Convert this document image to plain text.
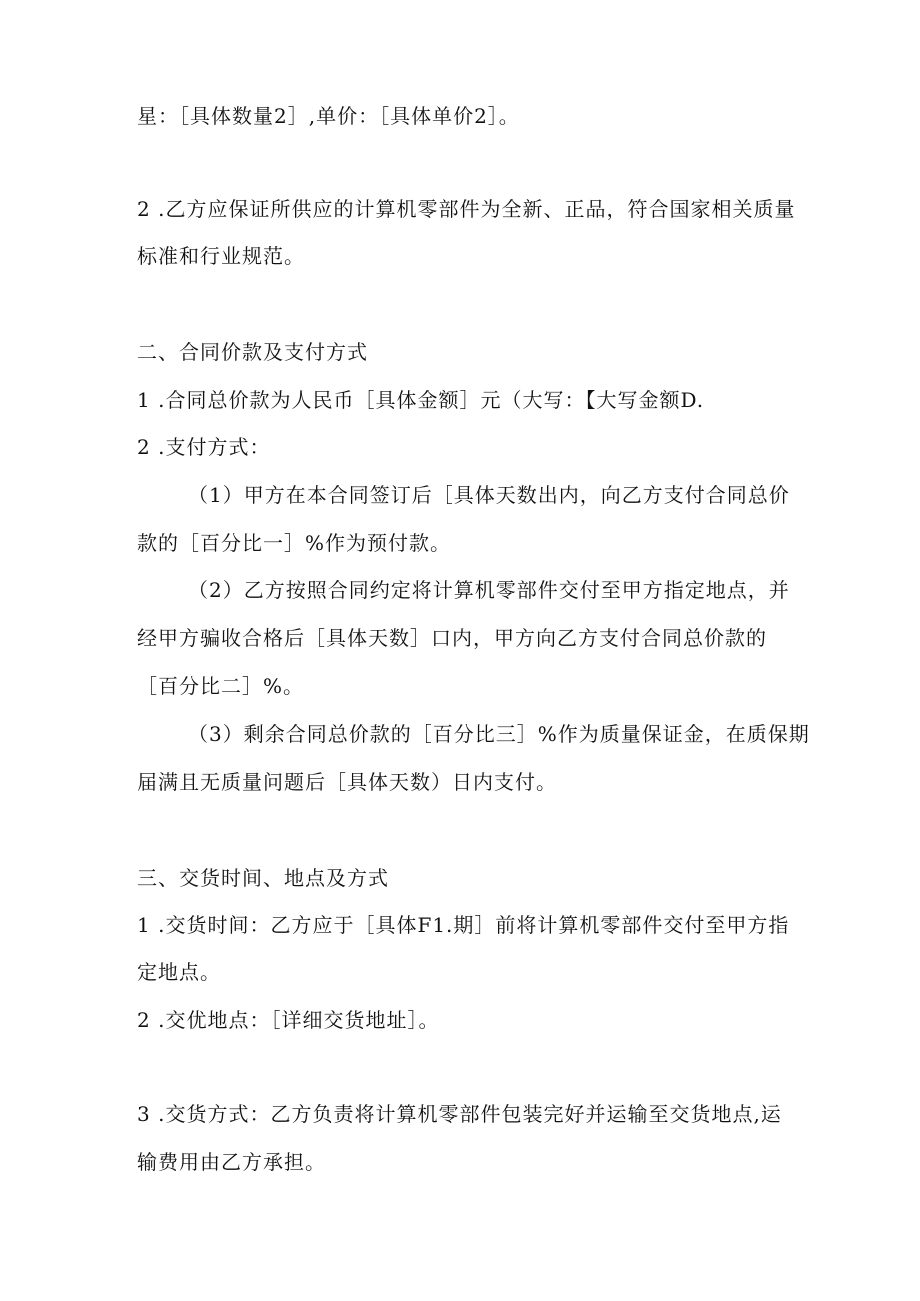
星：［具体数量2］,单价：［具体单价2］。
2 .乙方应保证所供应的计算机零部件为全新、正品，符合国家相关质量
标准和行业规范。
二、合同价款及支付方式
1 .合同总价款为人民币［具体金额］元（大写：【大写金额D.
2 .支付方式：
（1）甲方在本合同签订后［具体天数出内，向乙方支付合同总价
款的［百分比一］%作为预付款。
（2）乙方按照合同约定将计算机零部件交付至甲方指定地点，并
经甲方骗收合格后［具体天数］口内，甲方向乙方支付合同总价款的
［百分比二］%。
（3）剩余合同总价款的［百分比三］%作为质量保证金，在质保期
届满且无质量问题后［具体天数）日内支付。
三、交货时间、地点及方式
1 .交货时间：乙方应于［具体F1.期］前将计算机零部件交付至甲方指
定地点。
2 .交优地点：［详细交货地址］。
3 .交货方式：乙方负责将计算机零部件包装完好并运输至交货地点,运
输费用由乙方承担。
